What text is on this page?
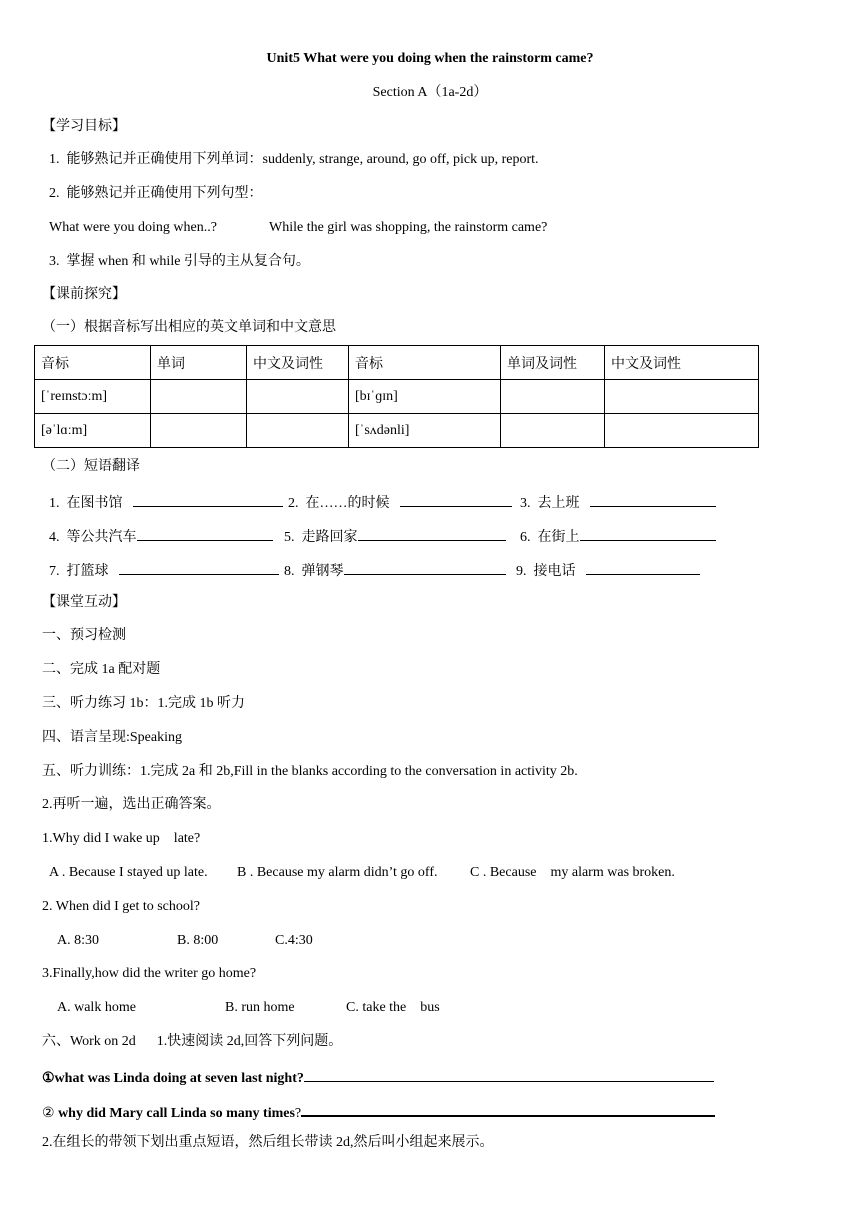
Unit5 What were you doing when the rainstorm came?
Section A（1a-2d）
【学习目标】
1.  能够熟记并正确使用下列单词：suddenly, strange, around, go off, pick up, report.
2.  能够熟记并正确使用下列句型：
What were you doing when..?	While the girl was shopping, the rainstorm came?
3.  掌握 when 和 while 引导的主从复合句。
【课前探究】
（一）根据音标写出相应的英文单词和中文意思
音标	单词	中文及词性	音标	单词及词性	中文及词性
[ˈreɪnstɔːm]			[bɪˈɡɪn]		
[əˈlɑːm]			[ˈsʌdənli]		
（二）短语翻译
1.  在图书馆	2.  在……的时候	3.  去上班
4.  等公共汽车	5.  走路回家	6.  在街上
7.  打篮球	8.  弹钢琴	9.  接电话
【课堂互动】
一、预习检测
二、完成 1a 配对题
三、听力练习 1b：1.完成 1b 听力
四、语言呈现:Speaking
五、听力训练：1.完成 2a 和 2b,Fill in the blanks according to the conversation in activity 2b.
2.再听一遍，选出正确答案。
1.Why did I wake up    late?
A . Because I stayed up late. B . Because my alarm didn’t go off. C . Because    my alarm was broken.
2. When did I get to school?
A. 8:30	B. 8:00	C.4:30
3.Finally,how did the writer go home?
A. walk home	B. run home	C. take the    bus
六、Work on 2d      1.快速阅读 2d,回答下列问题。
①what was Linda doing at seven last night?
② why did Mary call Linda so many times?
2.在组长的带领下划出重点短语，然后组长带读 2d,然后叫小组起来展示。
